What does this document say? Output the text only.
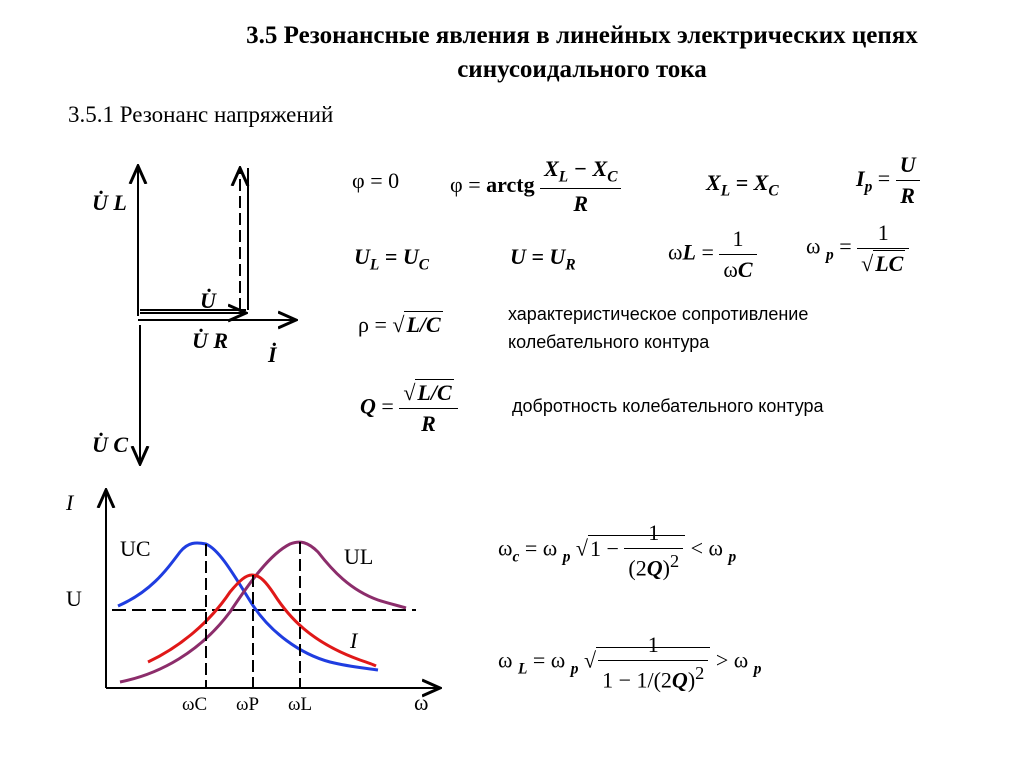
3.5 Резонансные явления в линейных электрических цепях
синусоидального тока
3.5.1 Резонанс напряжений
U̇ L
U̇
U̇ R
İ
U̇ C
φ = 0 φ = arctg $\frac{X_L - X_C}{R}$	$X_L = X_C$
$I_p = \frac{U}{R}$
$U_L = U_C$	$U = U_R$
$\omega L = \frac{1}{\omega C}$ ω $_p = \frac{1}{√LC}$
ρ = √L/C	характеристическое сопротивление
колебательного контура
$Q = \frac{√L/C}{R}$	добротность колебательного контура
I
U
UC	UL
I
ω
ωC ωP ωL
$\omega_c = \omega$ $_p$ $√1 - \frac{1}{(2Q)^2} < \omega$ $_p$
ω $_L$ = ω $_p$ √ $\frac{1}{1 - 1/(2Q)^2} > \omega$ $_p$
